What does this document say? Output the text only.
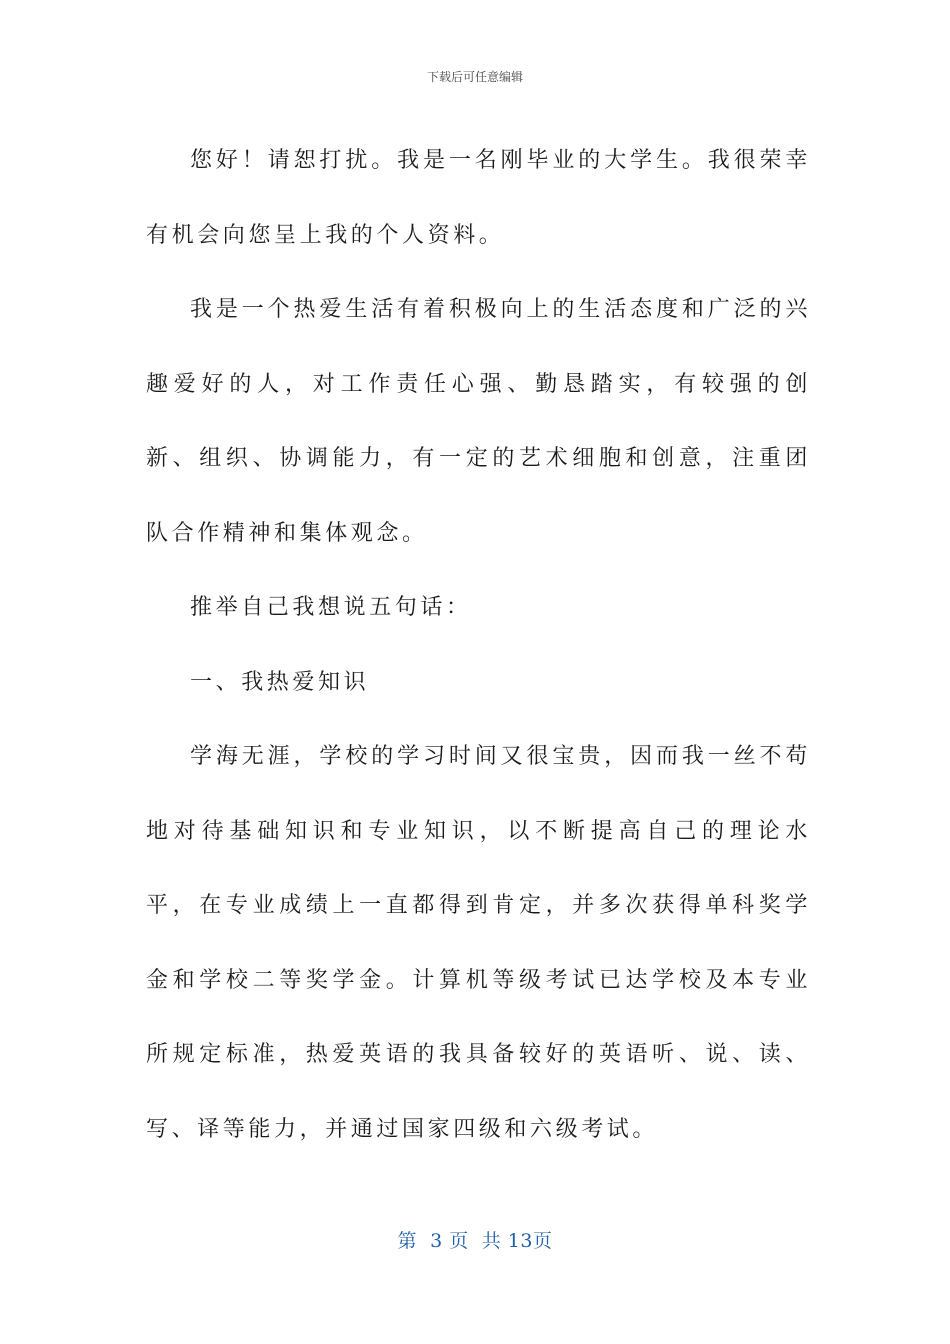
下载后可任意编辑

您好！请恕打扰。我是一名刚毕业的大学生。我很荣幸有机会向您呈上我的个人资料。

我是一个热爱生活有着积极向上的生活态度和广泛的兴趣爱好的人，对工作责任心强、勤恳踏实，有较强的创新、组织、协调能力，有一定的艺术细胞和创意，注重团队合作精神和集体观念。

推举自己我想说五句话：

一、我热爱知识

学海无涯，学校的学习时间又很宝贵，因而我一丝不苟地对待基础知识和专业知识，以不断提高自己的理论水平，在专业成绩上一直都得到肯定，并多次获得单科奖学金和学校二等奖学金。计算机等级考试已达学校及本专业所规定标准，热爱英语的我具备较好的英语听、说、读、写、译等能力，并通过国家四级和六级考试。

第  3 页  共 13页
